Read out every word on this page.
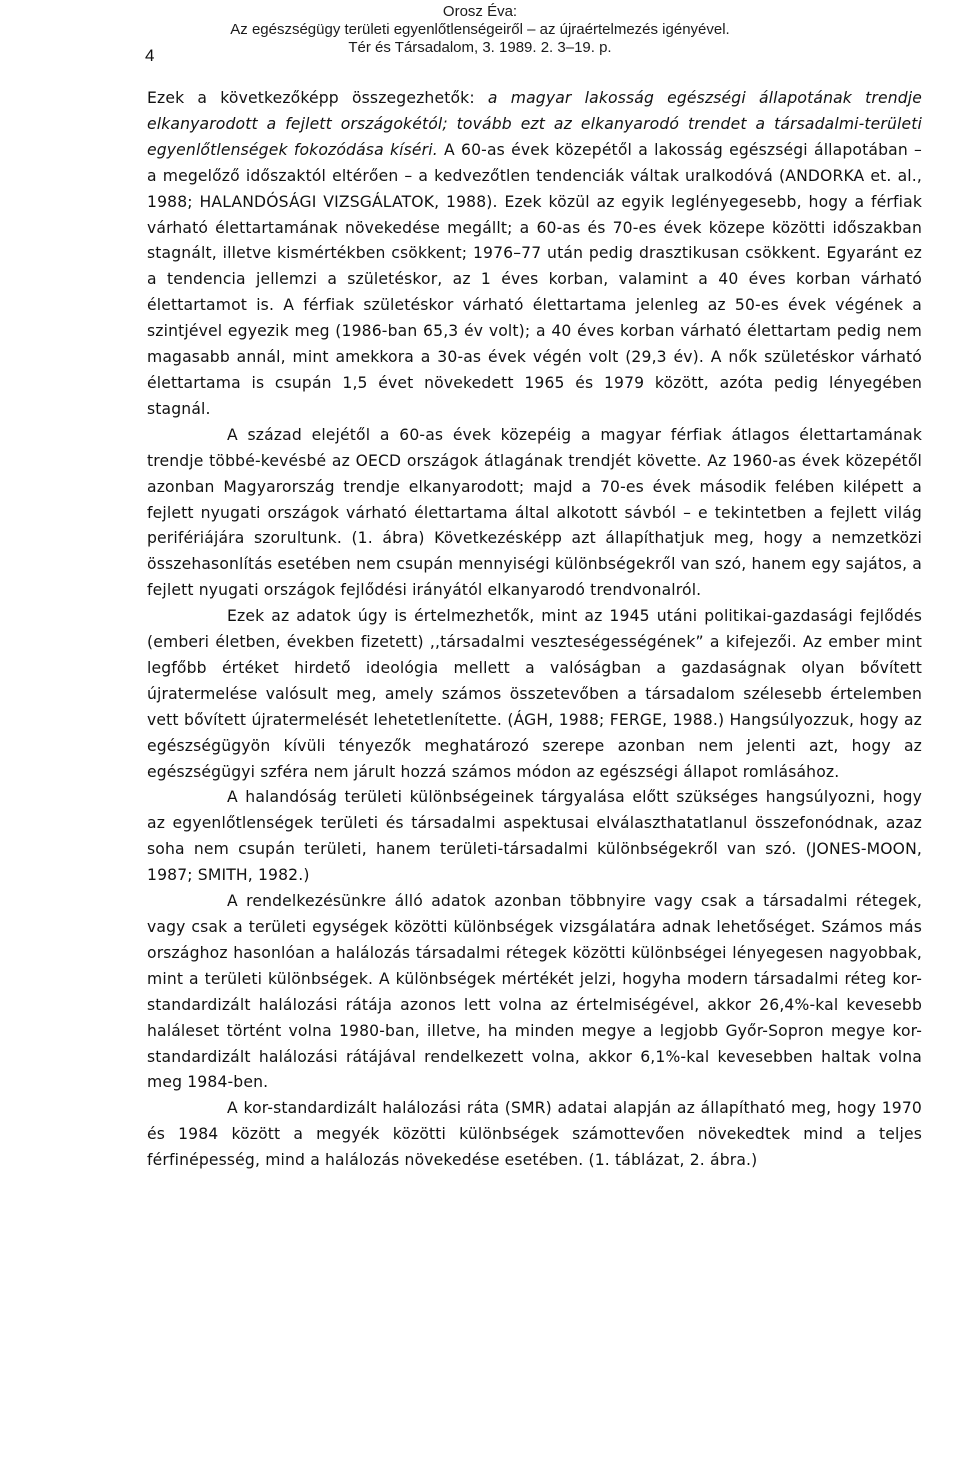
Orosz Éva:
Az egészségügy területi egyenlőtlenségeiről – az újraértelmezés igényével.
Tér és Társadalom, 3. 1989. 2. 3–19. p.
4

Ezek a következőképp összegezhetők: a magyar lakosság egészségi állapotának trendje elkanyarodott a fejlett országokétól; tovább ezt az elkanyarodó trendet a társadalmi-területi egyenlőtlenségek fokozódása kíséri. A 60-as évek közepétől a lakosság egészségi állapotában – a megelőző időszaktól eltérően – a kedvezőtlen tendenciák váltak uralkodóvá (ANDORKA et. al., 1988; HALANDÓSÁGI VIZSGÁLATOK, 1988). Ezek közül az egyik leglényegesebb, hogy a férfiak várható élettartamának növekedése megállt; a 60-as és 70-es évek közepe közötti időszakban stagnált, illetve kismértékben csökkent; 1976–77 után pedig drasztikusan csökkent. Egyaránt ez a tendencia jellemzi a születéskor, az 1 éves korban, valamint a 40 éves korban várható élettartamot is. A férfiak születéskor várható élettartama jelenleg az 50-es évek végének a szintjével egyezik meg (1986-ban 65,3 év volt); a 40 éves korban várható élettartam pedig nem magasabb annál, mint amekkora a 30-as évek végén volt (29,3 év). A nők születéskor várható élettartama is csupán 1,5 évet növekedett 1965 és 1979 között, azóta pedig lényegében stagnál.

A század elejétől a 60-as évek közepéig a magyar férfiak átlagos élettartamának trendje többé-kevésbé az OECD országok átlagának trendjét követte. Az 1960-as évek közepétől azonban Magyarország trendje elkanyarodott; majd a 70-es évek második felében kilépett a fejlett nyugati országok várható élettartama által alkotott sávból – e tekintetben a fejlett világ perifériájára szorultunk. (1. ábra) Következésképp azt állapíthatjuk meg, hogy a nemzetközi összehasonlítás esetében nem csupán mennyiségi különbségekről van szó, hanem egy sajátos, a fejlett nyugati országok fejlődési irányától elkanyarodó trendvonalról.

Ezek az adatok úgy is értelmezhetők, mint az 1945 utáni politikai-gazdasági fejlődés (emberi életben, években fizetett) ,,társadalmi veszteségességének” a kifejezői. Az ember mint legfőbb értéket hirdető ideológia mellett a valóságban a gazdaságnak olyan bővített újratermelése valósult meg, amely számos összetevőben a társadalom szélesebb értelemben vett bővített újratermelését lehetetlenítette. (ÁGH, 1988; FERGE, 1988.) Hangsúlyozzuk, hogy az egészségügyön kívüli tényezők meghatározó szerepe azonban nem jelenti azt, hogy az egészségügyi szféra nem járult hozzá számos módon az egészségi állapot romlásához.

A halandóság területi különbségeinek tárgyalása előtt szükséges hangsúlyozni, hogy az egyenlőtlenségek területi és társadalmi aspektusai elválaszthatatlanul összefonódnak, azaz soha nem csupán területi, hanem területi-társadalmi különbségekről van szó. (JONES-MOON, 1987; SMITH, 1982.)

A rendelkezésünkre álló adatok azonban többnyire vagy csak a társadalmi rétegek, vagy csak a területi egységek közötti különbségek vizsgálatára adnak lehetőséget. Számos más országhoz hasonlóan a halálozás társadalmi rétegek közötti különbségei lényegesen nagyobbak, mint a területi különbségek. A különbségek mértékét jelzi, hogyha modern társadalmi réteg kor-standardizált halálozási rátája azonos lett volna az értelmiségével, akkor 26,4%-kal kevesebb haláleset történt volna 1980-ban, illetve, ha minden megye a legjobb Győr-Sopron megye kor-standardizált halálozási rátájával rendelkezett volna, akkor 6,1%-kal kevesebben haltak volna meg 1984-ben.

A kor-standardizált halálozási ráta (SMR) adatai alapján az állapítható meg, hogy 1970 és 1984 között a megyék közötti különbségek számottevően növekedtek mind a teljes férfinépesség, mind a halálozás növekedése esetében. (1. táblázat, 2. ábra.)
